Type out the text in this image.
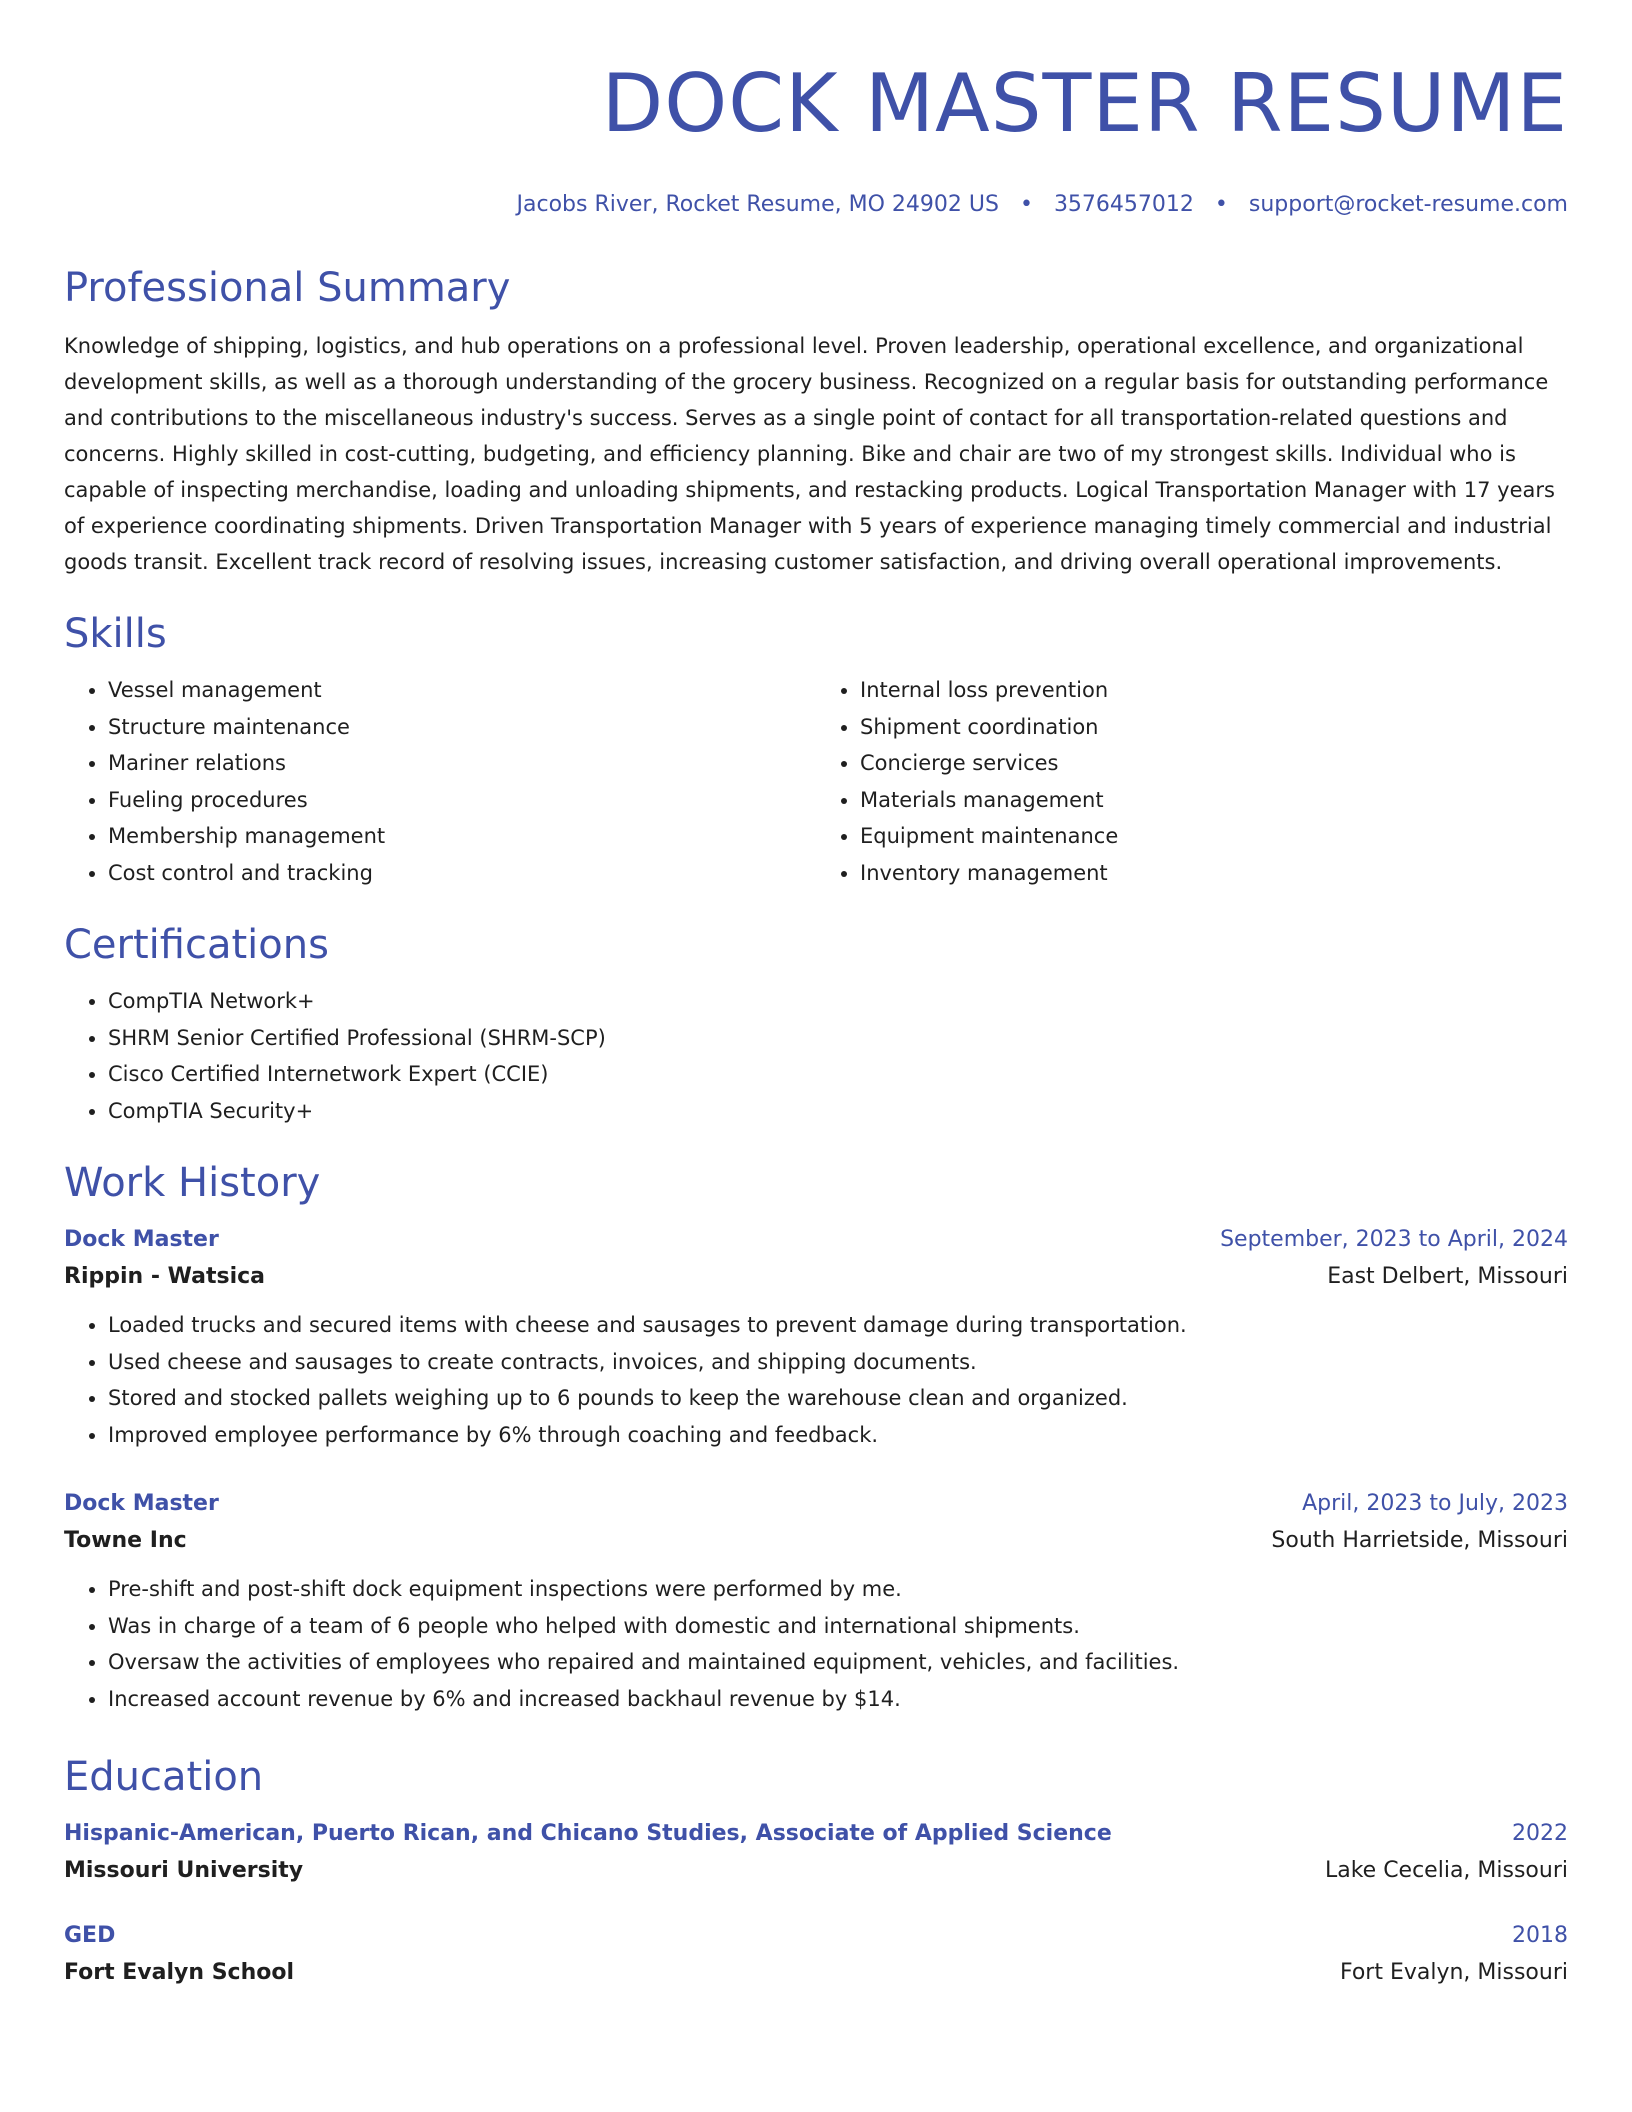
DOCK MASTER RESUME
Jacobs River, Rocket Resume, MO 24902 US • 3576457012 • support@rocket-resume.com
Professional Summary
Knowledge of shipping, logistics, and hub operations on a professional level. Proven leadership, operational excellence, and organizational development skills, as well as a thorough understanding of the grocery business. Recognized on a regular basis for outstanding performance and contributions to the miscellaneous industry's success. Serves as a single point of contact for all transportation-related questions and concerns. Highly skilled in cost-cutting, budgeting, and efficiency planning. Bike and chair are two of my strongest skills. Individual who is capable of inspecting merchandise, loading and unloading shipments, and restacking products. Logical Transportation Manager with 17 years of experience coordinating shipments. Driven Transportation Manager with 5 years of experience managing timely commercial and industrial goods transit. Excellent track record of resolving issues, increasing customer satisfaction, and driving overall operational improvements.
Skills
• Vessel management
• Structure maintenance
• Mariner relations
• Fueling procedures
• Membership management
• Cost control and tracking
• Internal loss prevention
• Shipment coordination
• Concierge services
• Materials management
• Equipment maintenance
• Inventory management
Certifications
• CompTIA Network+
• SHRM Senior Certified Professional (SHRM-SCP)
• Cisco Certified Internetwork Expert (CCIE)
• CompTIA Security+
Work History
Dock Master	September, 2023 to April, 2024
Rippin - Watsica	East Delbert, Missouri
• Loaded trucks and secured items with cheese and sausages to prevent damage during transportation.
• Used cheese and sausages to create contracts, invoices, and shipping documents.
• Stored and stocked pallets weighing up to 6 pounds to keep the warehouse clean and organized.
• Improved employee performance by 6% through coaching and feedback.
Dock Master	April, 2023 to July, 2023
Towne Inc	South Harrietside, Missouri
• Pre-shift and post-shift dock equipment inspections were performed by me.
• Was in charge of a team of 6 people who helped with domestic and international shipments.
• Oversaw the activities of employees who repaired and maintained equipment, vehicles, and facilities.
• Increased account revenue by 6% and increased backhaul revenue by $14.
Education
Hispanic-American, Puerto Rican, and Chicano Studies, Associate of Applied Science	2022
Missouri University	Lake Cecelia, Missouri
GED	2018
Fort Evalyn School	Fort Evalyn, Missouri
